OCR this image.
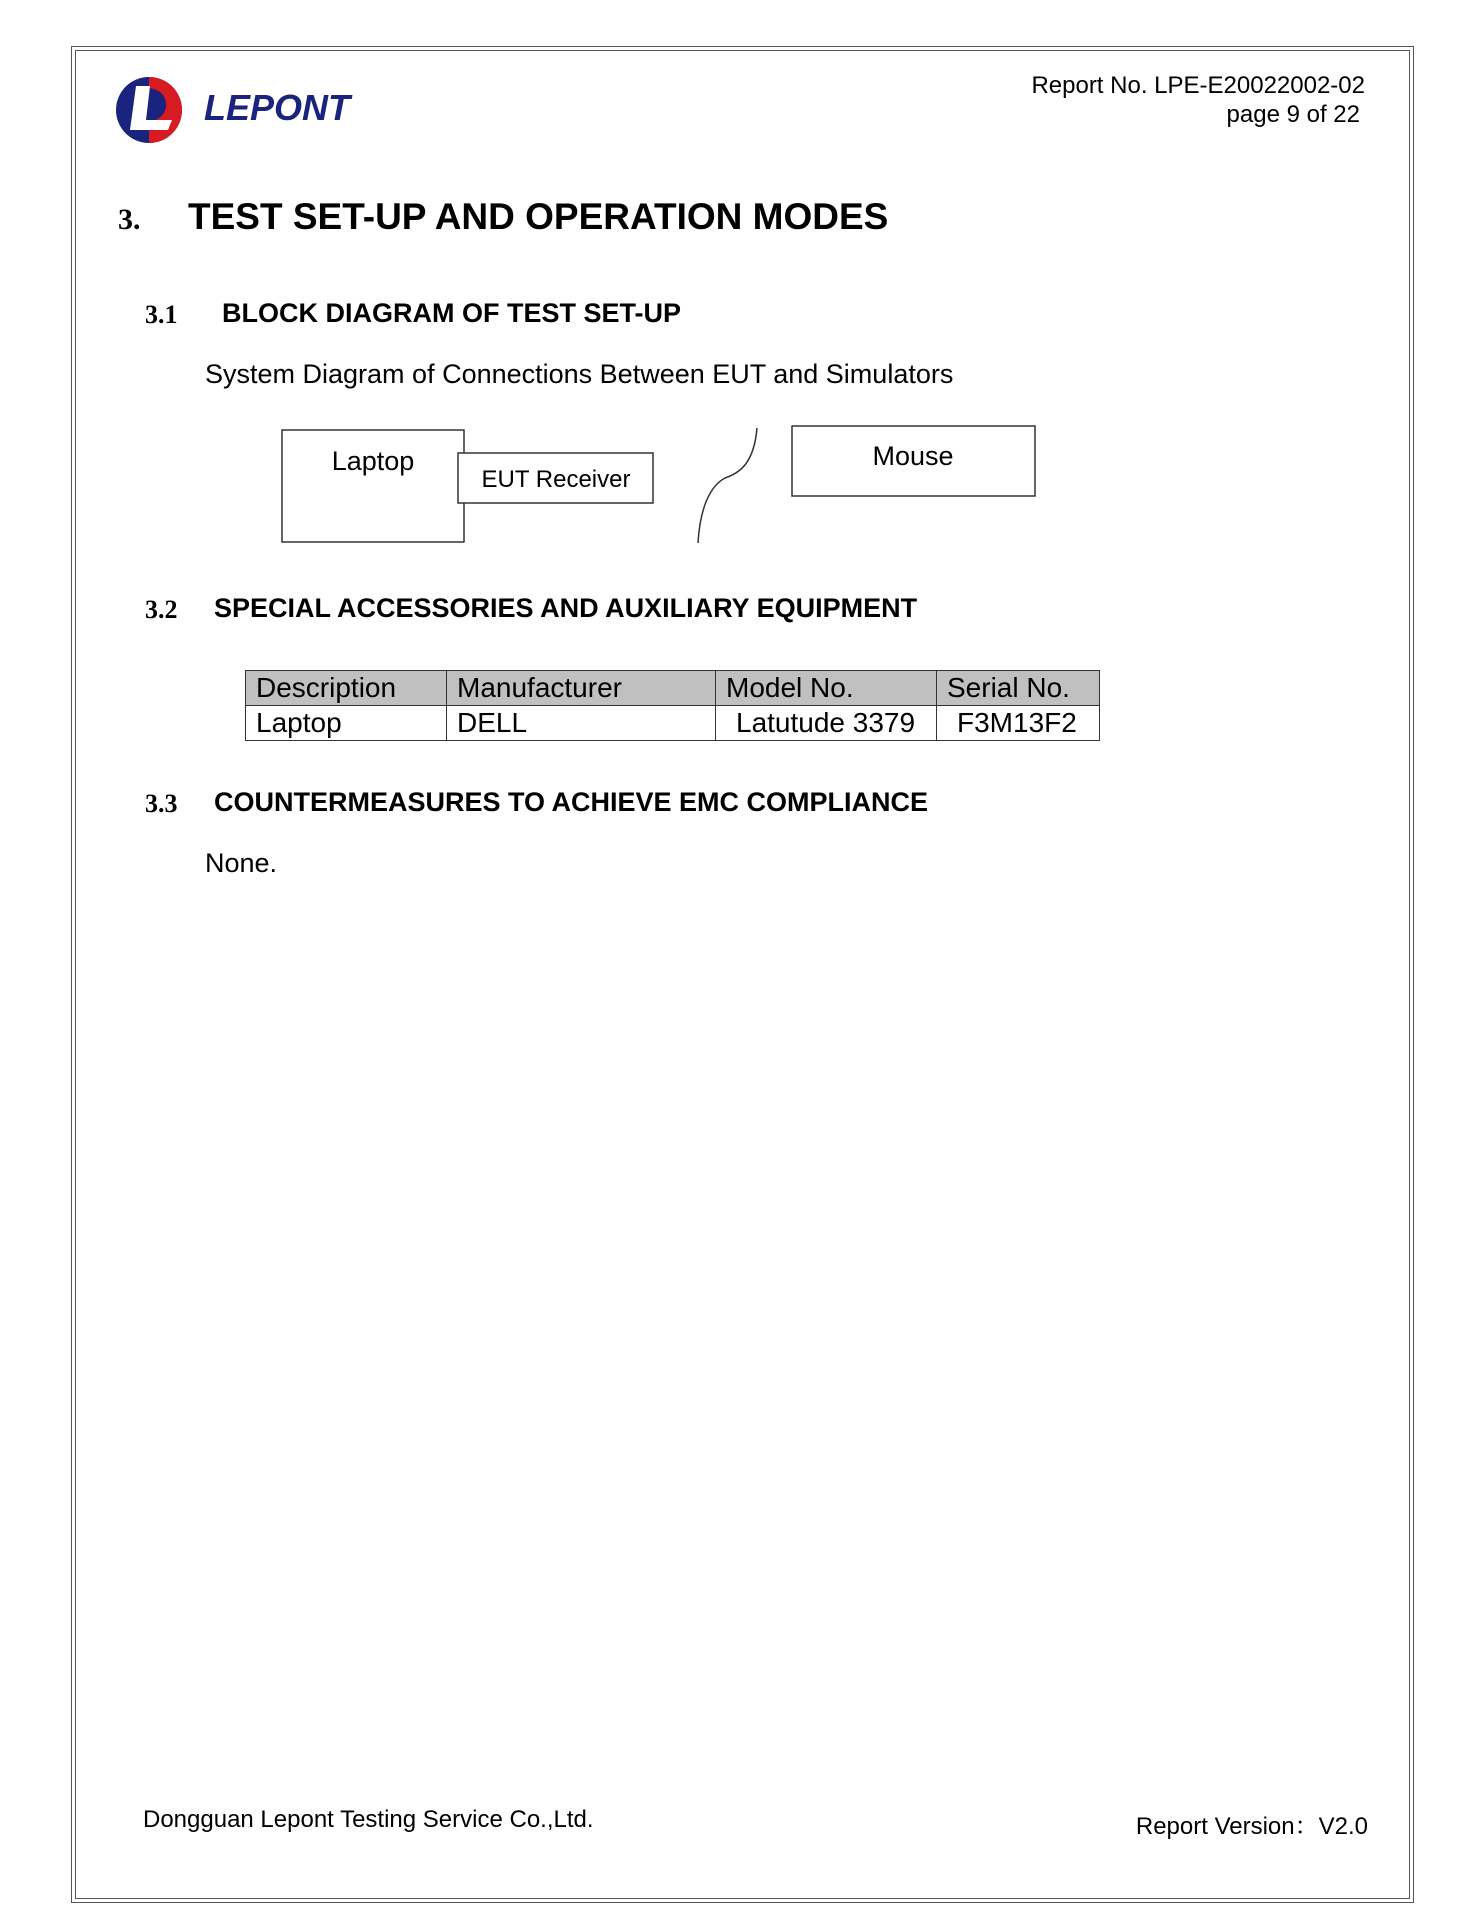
LEPONT
Report No. LPE-E20022002-02
page 9 of 22
3. TEST SET-UP AND OPERATION MODES
3.1 BLOCK DIAGRAM OF TEST SET-UP
System Diagram of Connections Between EUT and Simulators
Laptop
EUT Receiver
Mouse
3.2 SPECIAL ACCESSORIES AND AUXILIARY EQUIPMENT
Description	Manufacturer	Model No.	Serial No.
Laptop	DELL	Latutude 3379	F3M13F2
3.3 COUNTERMEASURES TO ACHIEVE EMC COMPLIANCE
None.
Dongguan Lepont Testing Service Co.,Ltd.	Report Version：V2.0
